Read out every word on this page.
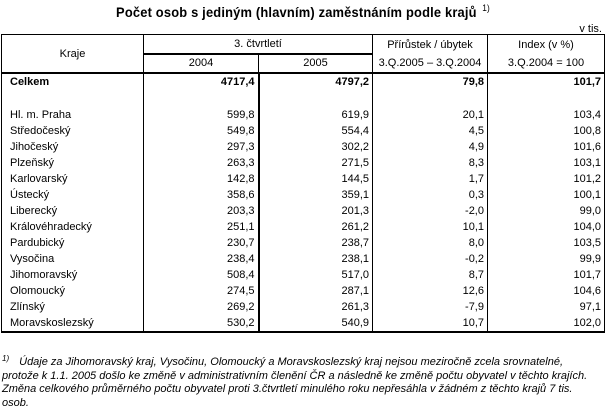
Počet osob s jediným (hlavním) zaměstnáním podle krajů $^{1)}$
v tis.
Kraje	3. čtvrtletí		Přírůstek / úbytek	Index (v %)
	2004	2005	3.Q.2005 – 3.Q.2004	3.Q.2004 = 100
Celkem	4717,4	4797,2	79,8	101,7

Hl. m. Praha	599,8	619,9	20,1	103,4
Středočeský	549,8	554,4	4,5	100,8
Jihočeský	297,3	302,2	4,9	101,6
Plzeňský	263,3	271,5	8,3	103,1
Karlovarský	142,8	144,5	1,7	101,2
Ústecký	358,6	359,1	0,3	100,1
Liberecký	203,3	201,3	-2,0	99,0
Královéhradecký	251,1	261,2	10,1	104,0
Pardubický	230,7	238,7	8,0	103,5
Vysočina	238,4	238,1	-0,2	99,9
Jihomoravský	508,4	517,0	8,7	101,7
Olomoucký	274,5	287,1	12,6	104,6
Zlínský	269,2	261,3	-7,9	97,1
Moravskoslezský	530,2	540,9	10,7	102,0
$^{1)}$ Údaje za Jihomoravský kraj, Vysočinu, Olomoucký a Moravskoslezský kraj nejsou meziročně zcela srovnatelné, protože k 1.1. 2005 došlo ke změně v administrativním členění ČR a následně ke změně počtu obyvatel v těchto krajích. Změna celkového průměrného počtu obyvatel proti 3.čtvrtletí minulého roku nepřesáhla v žádném z těchto krajů 7 tis. osob.
